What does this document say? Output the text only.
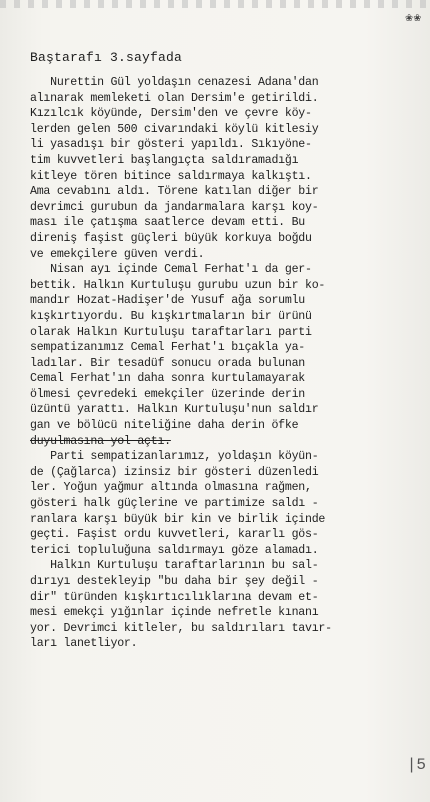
❀❀
Baştarafı 3.sayfada
Nurettin Gül yoldaşın cenazesi Adana'dan
alınarak memleketi olan Dersim'e getirildi.
Kızılcık köyünde, Dersim'den ve çevre köy-
lerden gelen 500 civarındaki köylü kitlesiy
li yasadışı bir gösteri yapıldı. Sıkıyöne-
tim kuvvetleri başlangıçta saldıramadığı
kitleye tören bitince saldırmaya kalkıştı.
Ama cevabını aldı. Törene katılan diğer bir
devrimci gurubun da jandarmalara karşı koy-
ması ile çatışma saatlerce devam etti. Bu
direniş faşist güçleri büyük korkuya boğdu
ve emekçilere güven verdi.
Nisan ayı içinde Cemal Ferhat'ı da ger-
bettik. Halkın Kurtuluşu gurubu uzun bir ko-
mandır Hozat-Hadişer'de Yusuf ağa sorumlu
kışkırtıyordu. Bu kışkırtmaların bir ürünü
olarak Halkın Kurtuluşu taraftarları parti
sempatizanımız Cemal Ferhat'ı bıçakla ya-
ladılar. Bir tesadüf sonucu orada bulunan
Cemal Ferhat'ın daha sonra kurtulamayarak
ölmesi çevredeki emekçiler üzerinde derin
üzüntü yarattı. Halkın Kurtuluşu'nun saldır
gan ve bölücü niteliğine daha derin öfke
duyulmasına yol açtı.
Parti sempatizanlarımız, yoldaşın köyün-
de (Çağlarca) izinsiz bir gösteri düzenledi
ler. Yoğun yağmur altında olmasına rağmen,
gösteri halk güçlerine ve partimize saldı -
ranlara karşı büyük bir kin ve birlik içinde
geçti. Faşist ordu kuvvetleri, kararlı gös-
terici topluluğuna saldırmayı göze alamadı.
Halkın Kurtuluşu taraftarlarının bu sal-
dırıyı destekleyip "bu daha bir şey değil -
dir" türünden kışkırtıcılıklarına devam et-
mesi emekçi yığınlar içinde nefretle kınanı
yor. Devrimci kitleler, bu saldırıları tavır-
ları lanetliyor.
|5
